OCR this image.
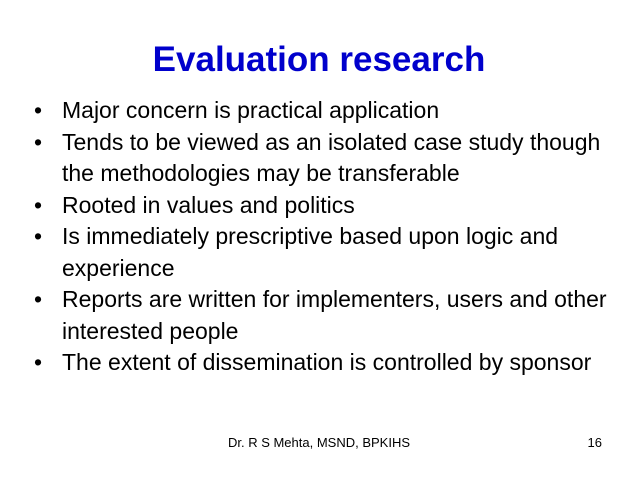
Evaluation research
• Major concern is practical application
• Tends to be viewed as an isolated case study though the methodologies may be transferable
• Rooted in values and politics
• Is immediately prescriptive based upon logic and experience
• Reports are written for implementers, users and other interested people
• The extent of dissemination is controlled by sponsor
Dr. R S Mehta, MSND, BPKIHS	16
